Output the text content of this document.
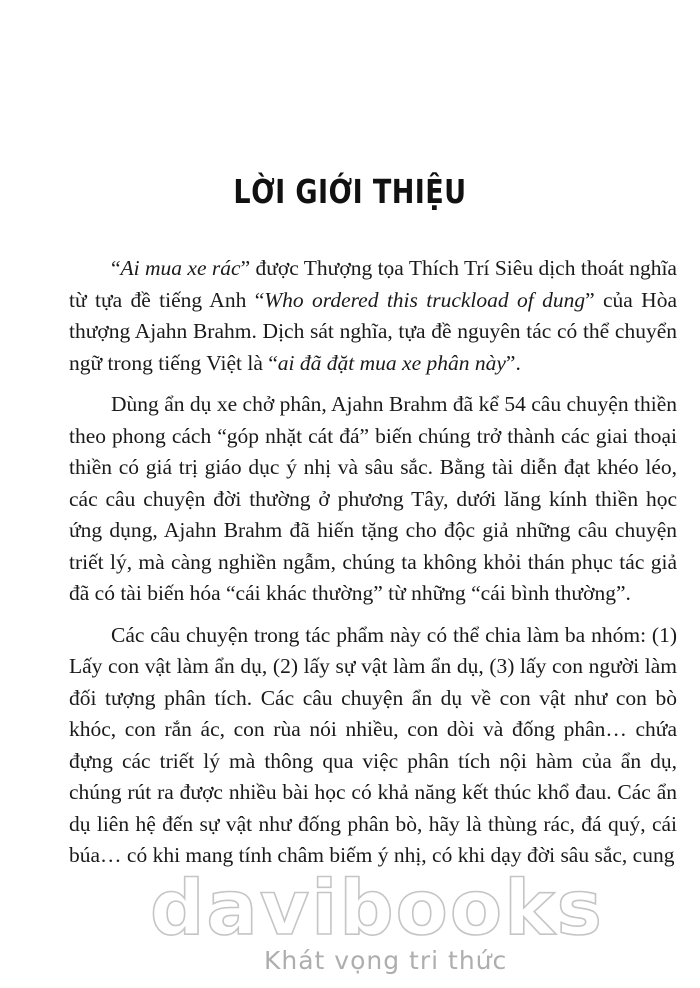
LỜI GIỚI THIỆU

“Ai mua xe rác” được Thượng tọa Thích Trí Siêu dịch thoát nghĩa từ tựa đề tiếng Anh “Who ordered this truckload of dung” của Hòa thượng Ajahn Brahm. Dịch sát nghĩa, tựa đề nguyên tác có thể chuyển ngữ trong tiếng Việt là “ai đã đặt mua xe phân này”.

Dùng ẩn dụ xe chở phân, Ajahn Brahm đã kể 54 câu chuyện thiền theo phong cách “góp nhặt cát đá” biến chúng trở thành các giai thoại thiền có giá trị giáo dục ý nhị và sâu sắc. Bằng tài diễn đạt khéo léo, các câu chuyện đời thường ở phương Tây, dưới lăng kính thiền học ứng dụng, Ajahn Brahm đã hiến tặng cho độc giả những câu chuyện triết lý, mà càng nghiền ngẫm, chúng ta không khỏi thán phục tác giả đã có tài biến hóa “cái khác thường” từ những “cái bình thường”.

Các câu chuyện trong tác phẩm này có thể chia làm ba nhóm: (1) Lấy con vật làm ẩn dụ, (2) lấy sự vật làm ẩn dụ, (3) lấy con người làm đối tượng phân tích. Các câu chuyện ẩn dụ về con vật như con bò khóc, con rắn ác, con rùa nói nhiều, con dòi và đống phân… chứa đựng các triết lý mà thông qua việc phân tích nội hàm của ẩn dụ, chúng rút ra được nhiều bài học có khả năng kết thúc khổ đau. Các ẩn dụ liên hệ đến sự vật như đống phân bò, hãy là thùng rác, đá quý, cái búa… có khi mang tính châm biếm ý nhị, có khi dạy đời sâu sắc, cung

davibooks
Khát vọng tri thức
